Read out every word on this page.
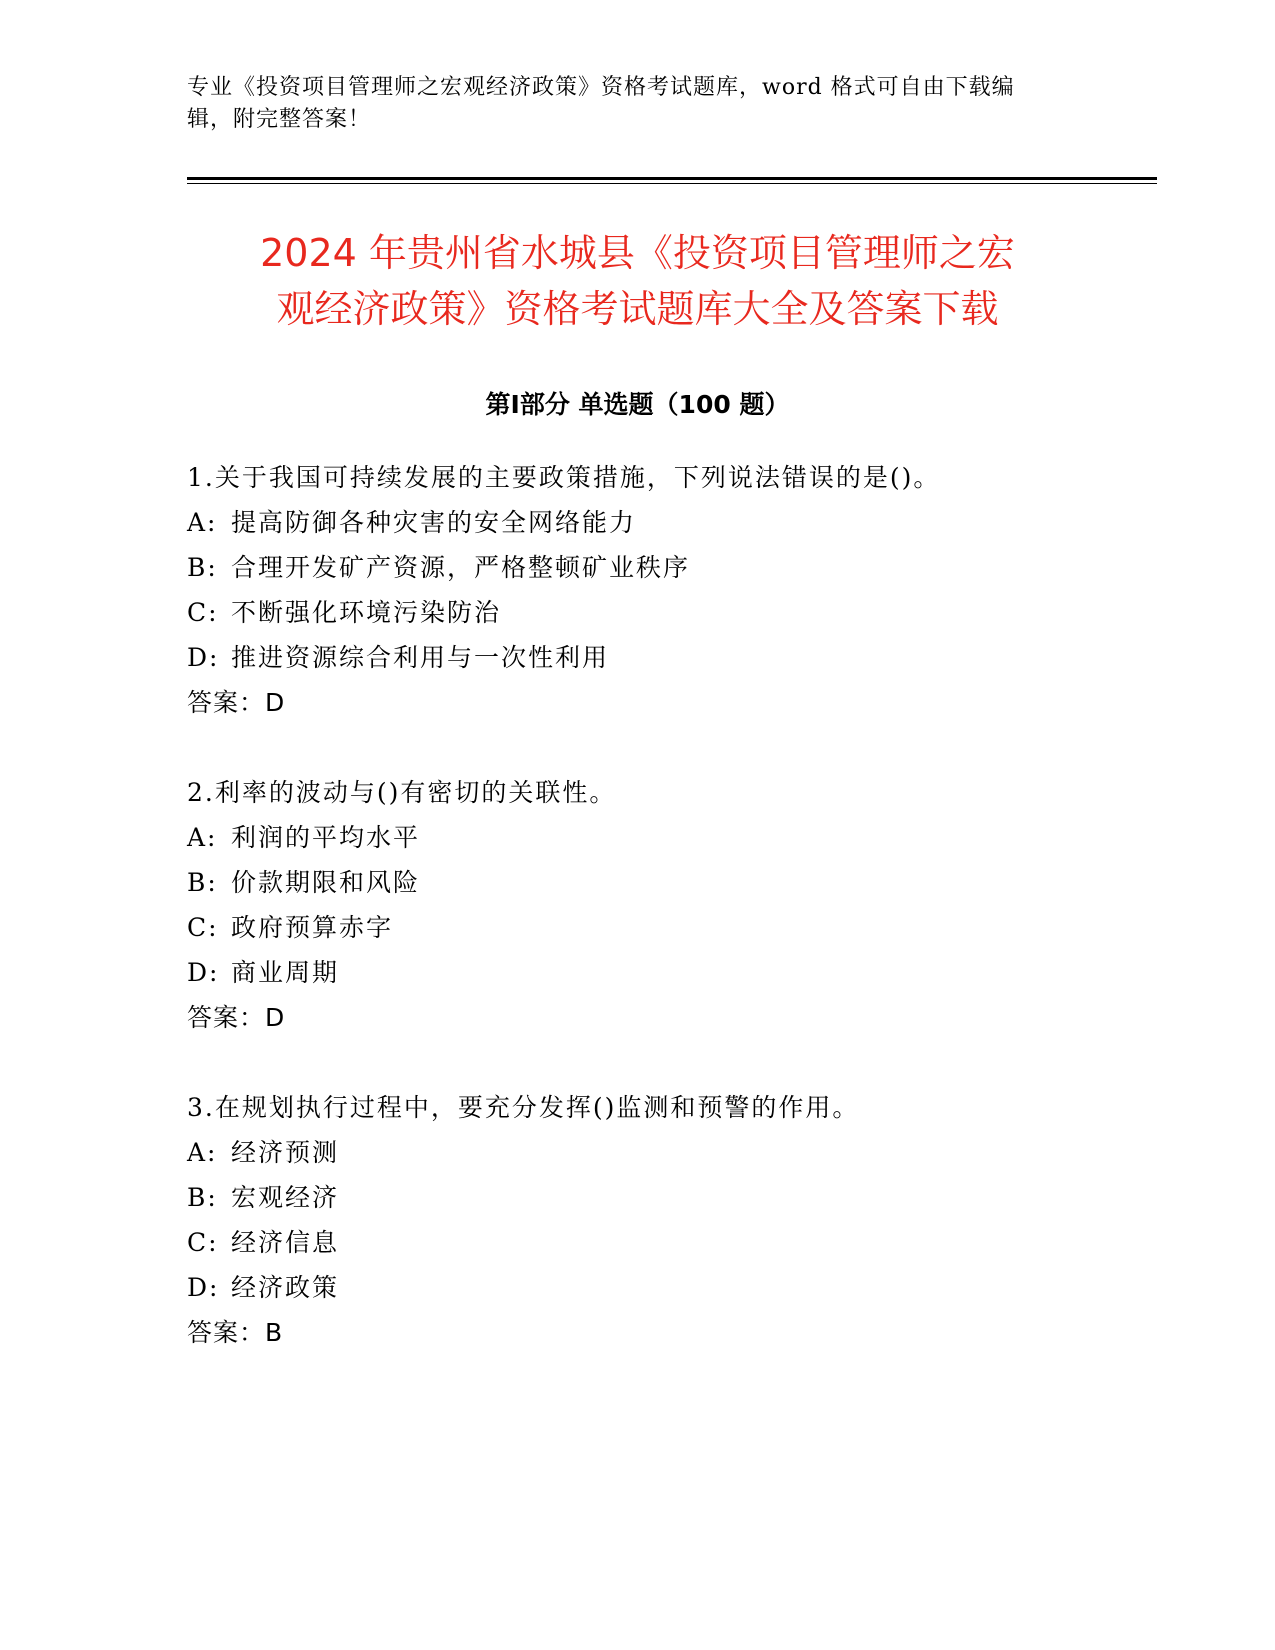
专业《投资项目管理师之宏观经济政策》资格考试题库，word 格式可自由下载编
辑，附完整答案！
2024 年贵州省水城县《投资项目管理师之宏
观经济政策》资格考试题库大全及答案下载
第Ⅰ部分 单选题（100 题）
1.关于我国可持续发展的主要政策措施，下列说法错误的是()。
A: 提高防御各种灾害的安全网络能力
B: 合理开发矿产资源，严格整顿矿业秩序
C: 不断强化环境污染防治
D: 推进资源综合利用与一次性利用
答案：D
2.利率的波动与()有密切的关联性。
A: 利润的平均水平
B: 价款期限和风险
C: 政府预算赤字
D: 商业周期
答案：D
3.在规划执行过程中，要充分发挥()监测和预警的作用。
A: 经济预测
B: 宏观经济
C: 经济信息
D: 经济政策
答案：B
